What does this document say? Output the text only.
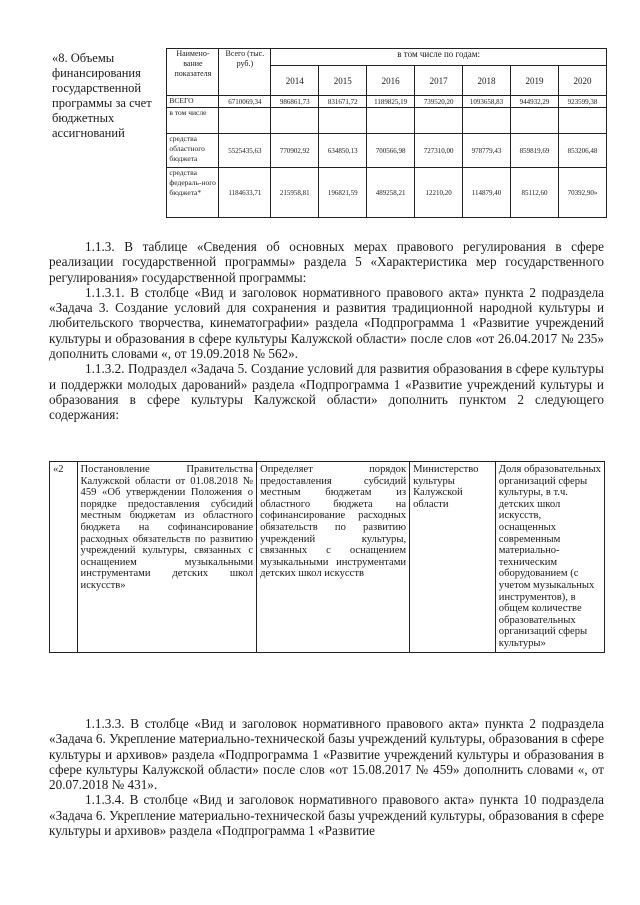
«8. Объемы финансирования государственной программы за счет бюджетных ассигнований	Наимено-вание показателя	Всего (тыс. руб.)	в том числе по годам:						
			2014	2015	2016	2017	2018	2019	2020
	ВСЕГО	6710069,34	986861,73	831671,72	1189825,19	739520,20	1093658,83	944932,29	923599,38
	в том числе								
	средства областного бюджета	5525435,63	770902,92	634850,13	700566,98	727310,00	978779,43	859819,69	853206,48
	средства федераль-ного бюджета*	1184633,71	215958,81	196821,59	489258,21	12210,20	114879,40	85112,60	70392,90»

1.1.3. В таблице «Сведения об основных мерах правового регулирования в сфере реализации государственной программы» раздела 5 «Характеристика мер государственного регулирования» государственной программы:

1.1.3.1. В столбце «Вид и заголовок нормативного правового акта» пункта 2 подраздела «Задача 3. Создание условий для сохранения и развития традиционной народной культуры и любительского творчества, кинематографии» раздела «Подпрограмма 1 «Развитие учреждений культуры и образования в сфере культуры Калужской области» после слов «от 26.04.2017 № 235» дополнить словами «, от 19.09.2018 № 562».

1.1.3.2. Подраздел «Задача 5. Создание условий для развития образования в сфере культуры и поддержки молодых дарований» раздела «Подпрограмма 1 «Развитие учреждений культуры и образования в сфере культуры Калужской области» дополнить пунктом 2 следующего содержания:

«2	Постановление Правительства Калужской области от 01.08.2018 № 459 «Об утверждении Положения о порядке предоставления субсидий местным бюджетам из областного бюджета на софинансирование расходных обязательств по развитию учреждений культуры, связанных с оснащением музыкальными инструментами детских школ искусств»	Определяет порядок предоставления субсидий местным бюджетам из областного бюджета на софинансирование расходных обязательств по развитию учреждений культуры, связанных с оснащением музыкальными инструментами детских школ искусств	Министерство культуры Калужской области	Доля образовательных организаций сферы культуры, в т.ч. детских школ искусств, оснащенных современным материально-техническим оборудованием (с учетом музыкальных инструментов), в общем количестве образовательных организаций сферы культуры»

1.1.3.3. В столбце «Вид и заголовок нормативного правового акта» пункта 2 подраздела «Задача 6. Укрепление материально-технической базы учреждений культуры, образования в сфере культуры и архивов» раздела «Подпрограмма 1 «Развитие учреждений культуры и образования в сфере культуры Калужской области» после слов «от 15.08.2017 № 459» дополнить словами «, от 20.07.2018 № 431».

1.1.3.4. В столбце «Вид и заголовок нормативного правового акта» пункта 10 подраздела «Задача 6. Укрепление материально-технической базы учреждений культуры, образования в сфере культуры и архивов» раздела «Подпрограмма 1 «Развитие
